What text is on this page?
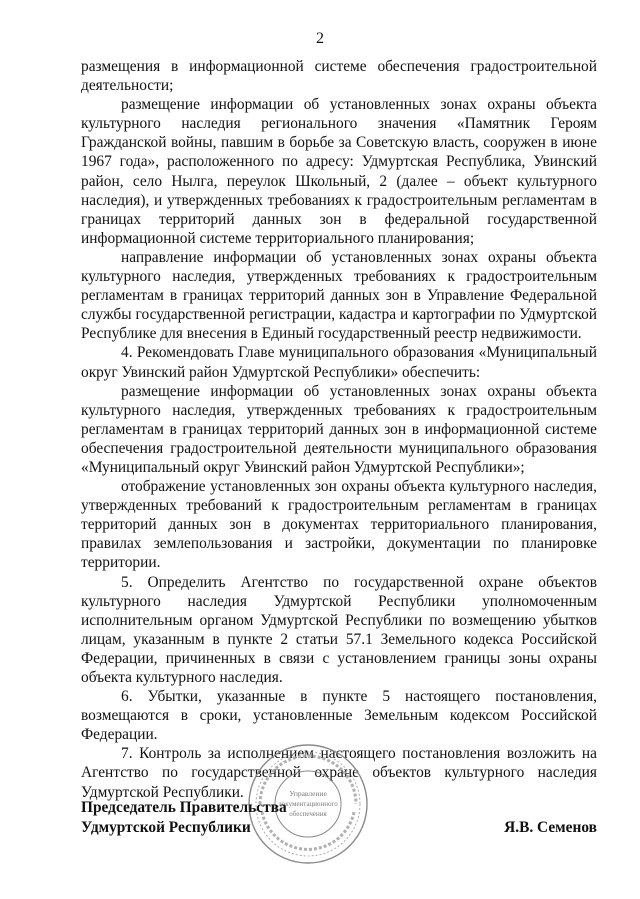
2

размещения в информационной системе обеспечения градостроительной деятельности;

размещение информации об установленных зонах охраны объекта культурного наследия регионального значения «Памятник Героям Гражданской войны, павшим в борьбе за Советскую власть, сооружен в июне 1967 года», расположенного по адресу: Удмуртская Республика, Увинский район, село Нылга, переулок Школьный, 2 (далее – объект культурного наследия), и утвержденных требованиях к градостроительным регламентам в границах территорий данных зон в федеральной государственной информационной системе территориального планирования;

направление информации об установленных зонах охраны объекта культурного наследия, утвержденных требованиях к градостроительным регламентам в границах территорий данных зон в Управление Федеральной службы государственной регистрации, кадастра и картографии по Удмуртской Республике для внесения в Единый государственный реестр недвижимости.

4. Рекомендовать Главе муниципального образования «Муниципальный округ Увинский район Удмуртской Республики» обеспечить:

размещение информации об установленных зонах охраны объекта культурного наследия, утвержденных требованиях к градостроительным регламентам в границах территорий данных зон в информационной системе обеспечения градостроительной деятельности муниципального образования «Муниципальный округ Увинский район Удмуртской Республики»;

отображение установленных зон охраны объекта культурного наследия, утвержденных требований к градостроительным регламентам в границах территорий данных зон в документах территориального планирования, правилах землепользования и застройки, документации по планировке территории.

5. Определить Агентство по государственной охране объектов культурного наследия Удмуртской Республики уполномоченным исполнительным органом Удмуртской Республики по возмещению убытков лицам, указанным в пункте 2 статьи 57.1 Земельного кодекса Российской Федерации, причиненных в связи с установлением границы зоны охраны объекта культурного наследия.

6. Убытки, указанные в пункте 5 настоящего постановления, возмещаются в сроки, установленные Земельным кодексом Российской Федерации.

7. Контроль за исполнением настоящего постановления возложить на Агентство по государственной охране объектов культурного наследия Удмуртской Республики.	Управление
документационного
обеспечения
Председатель Правительства
Удмуртской Республики	Я.В. Семенов
